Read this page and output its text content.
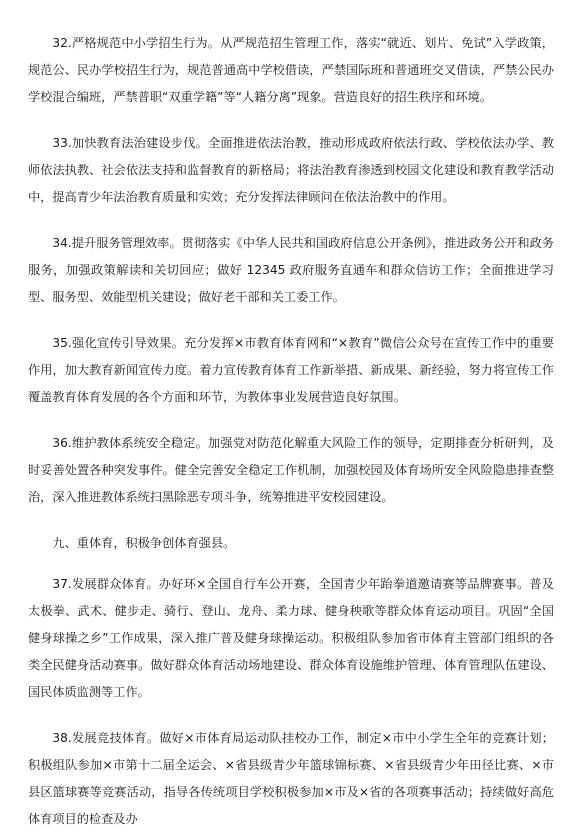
32.严格规范中小学招生行为。从严规范招生管理工作，落实“就近、划片、免试”入学政策，规范公、民办学校招生行为，规范普通高中学校借读，严禁国际班和普通班交叉借读，严禁公民办学校混合编班，严禁普职“双重学籍”等“人籍分离”现象。营造良好的招生秩序和环境。

33.加快教育法治建设步伐。全面推进依法治教，推动形成政府依法行政、学校依法办学、教师依法执教、社会依法支持和监督教育的新格局；将法治教育渗透到校园文化建设和教育教学活动中，提高青少年法治教育质量和实效；充分发挥法律顾问在依法治教中的作用。

34.提升服务管理效率。贯彻落实《中华人民共和国政府信息公开条例》，推进政务公开和政务服务，加强政策解读和关切回应；做好 12345 政府服务直通车和群众信访工作；全面推进学习型、服务型、效能型机关建设；做好老干部和关工委工作。

35.强化宣传引导效果。充分发挥×市教育体育网和“×教育”微信公众号在宣传工作中的重要作用，加大教育新闻宣传力度。着力宣传教育体育工作新举措、新成果、新经验，努力将宣传工作覆盖教育体育发展的各个方面和环节，为教体事业发展营造良好氛围。

36.维护教体系统安全稳定。加强党对防范化解重大风险工作的领导，定期排查分析研判，及时妥善处置各种突发事件。健全完善安全稳定工作机制，加强校园及体育场所安全风险隐患排查整治，深入推进教体系统扫黑除恶专项斗争，统筹推进平安校园建设。

九、重体育，积极争创体育强县。

37.发展群众体育。办好环×全国自行车公开赛，全国青少年跆拳道邀请赛等品牌赛事。普及太极拳、武术、健步走、骑行、登山、龙舟、柔力球、健身秧歌等群众体育运动项目。巩固“全国健身球操之乡”工作成果，深入推广普及健身球操运动。积极组队参加省市体育主管部门组织的各类全民健身活动赛事。做好群众体育活动场地建设、群众体育设施维护管理、体育管理队伍建设、国民体质监测等工作。

38.发展竞技体育。做好×市体育局运动队挂校办工作，制定×市中小学生全年的竞赛计划；积极组队参加×市第十二届全运会、×省县级青少年篮球锦标赛、×省县级青少年田径比赛、×市县区篮球赛等竞赛活动，指导各传统项目学校积极参加×市及×省的各项赛事活动；持续做好高危体育项目的检查及办
